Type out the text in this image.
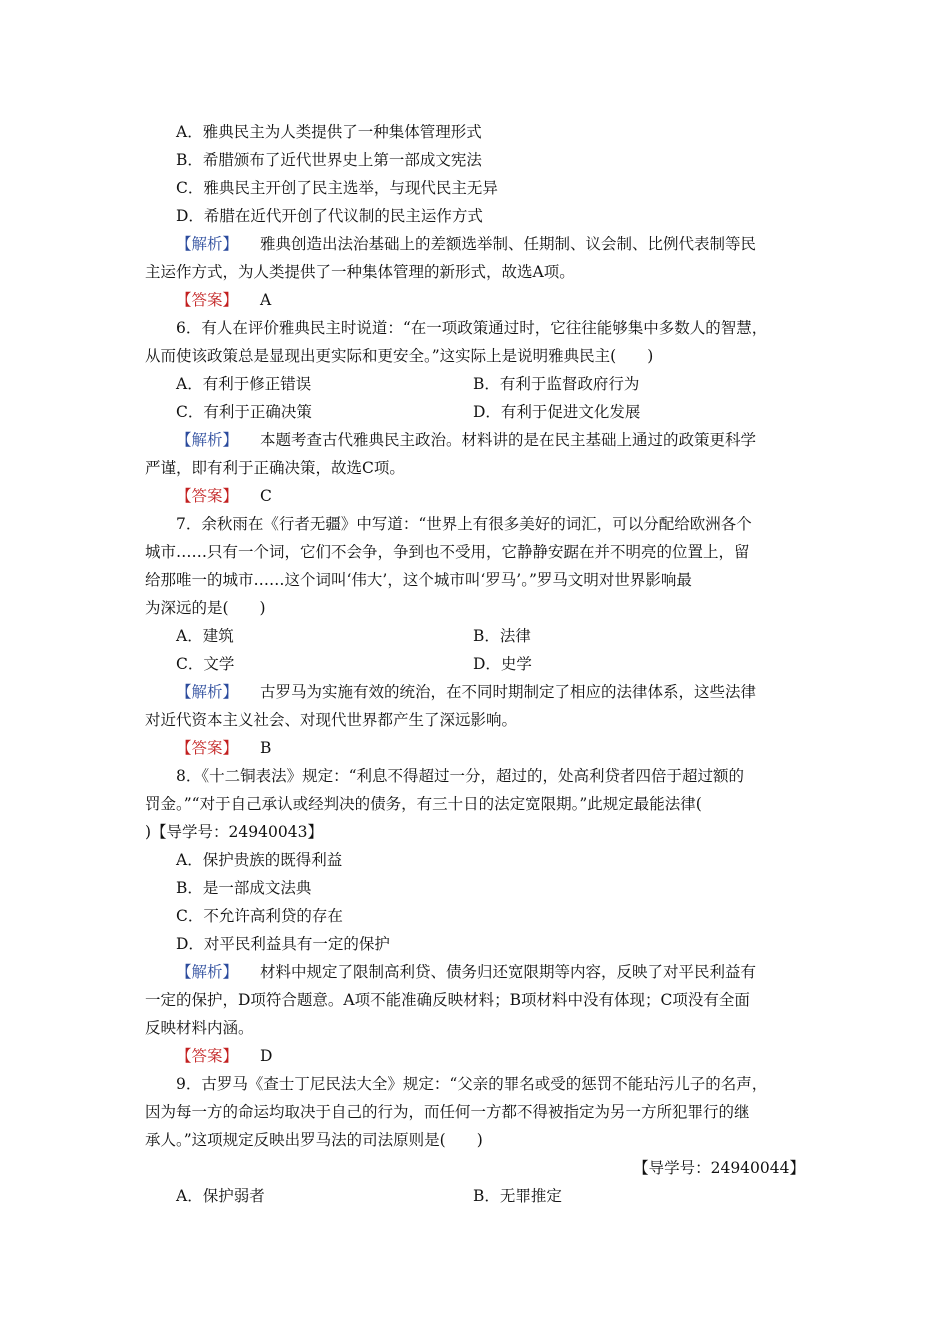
A．雅典民主为人类提供了一种集体管理形式
B．希腊颁布了近代世界史上第一部成文宪法
C．雅典民主开创了民主选举，与现代民主无异
D．希腊在近代开创了代议制的民主运作方式
【解析】 雅典创造出法治基础上的差额选举制、任期制、议会制、比例代表制等民
主运作方式，为人类提供了一种集体管理的新形式，故选A项。
【答案】 A
6．有人在评价雅典民主时说道：“在一项政策通过时，它往往能够集中多数人的智慧，
从而使该政策总是显现出更实际和更安全。”这实际上是说明雅典民主(　　)
A．有利于修正错误	B．有利于监督政府行为
C．有利于正确决策	D．有利于促进文化发展
【解析】 本题考查古代雅典民主政治。材料讲的是在民主基础上通过的政策更科学
严谨，即有利于正确决策，故选C项。
【答案】 C
7．余秋雨在《行者无疆》中写道：“世界上有很多美好的词汇，可以分配给欧洲各个
城市……只有一个词，它们不会争，争到也不受用，它静静安踞在并不明亮的位置上，留
给那唯一的城市……这个词叫‘伟大’，这个城市叫‘罗马’。”罗马文明对世界影响最
为深远的是(　　)
A．建筑	B．法律
C．文学	D．史学
【解析】 古罗马为实施有效的统治，在不同时期制定了相应的法律体系，这些法律
对近代资本主义社会、对现代世界都产生了深远影响。
【答案】 B
8．《十二铜表法》规定：“利息不得超过一分，超过的，处高利贷者四倍于超过额的
罚金。”“对于自己承认或经判决的债务，有三十日的法定宽限期。”此规定最能法律(
)【导学号：24940043】
A．保护贵族的既得利益
B．是一部成文法典
C．不允许高利贷的存在
D．对平民利益具有一定的保护
【解析】 材料中规定了限制高利贷、债务归还宽限期等内容，反映了对平民利益有
一定的保护，D项符合题意。A项不能准确反映材料；B项材料中没有体现；C项没有全面
反映材料内涵。
【答案】 D
9．古罗马《查士丁尼民法大全》规定：“父亲的罪名或受的惩罚不能玷污儿子的名声，
因为每一方的命运均取决于自己的行为，而任何一方都不得被指定为另一方所犯罪行的继
承人。”这项规定反映出罗马法的司法原则是(　　)
【导学号：24940044】
A．保护弱者	B．无罪推定
